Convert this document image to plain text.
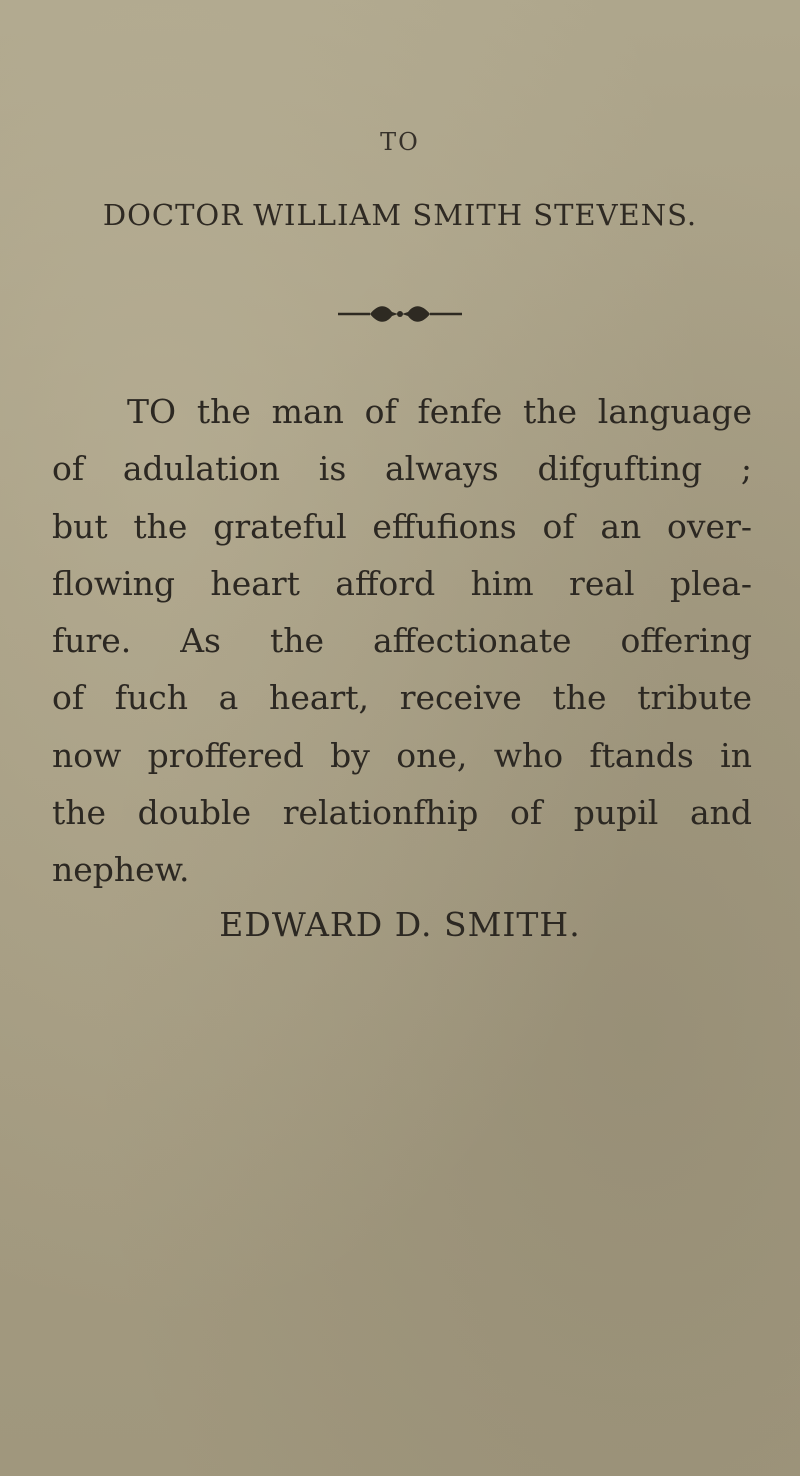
TO
DOCTOR WILLIAM SMITH STEVENS.
TO the man of fenfe the language
of adulation is always difgufting ;
but the grateful effufions of an over-
flowing heart afford him real plea-
fure. As the affectionate offering
of fuch a heart, receive the tribute
now proffered by one, who ftands in
the double relationfhip of pupil and
nephew.
EDWARD D. SMITH.
